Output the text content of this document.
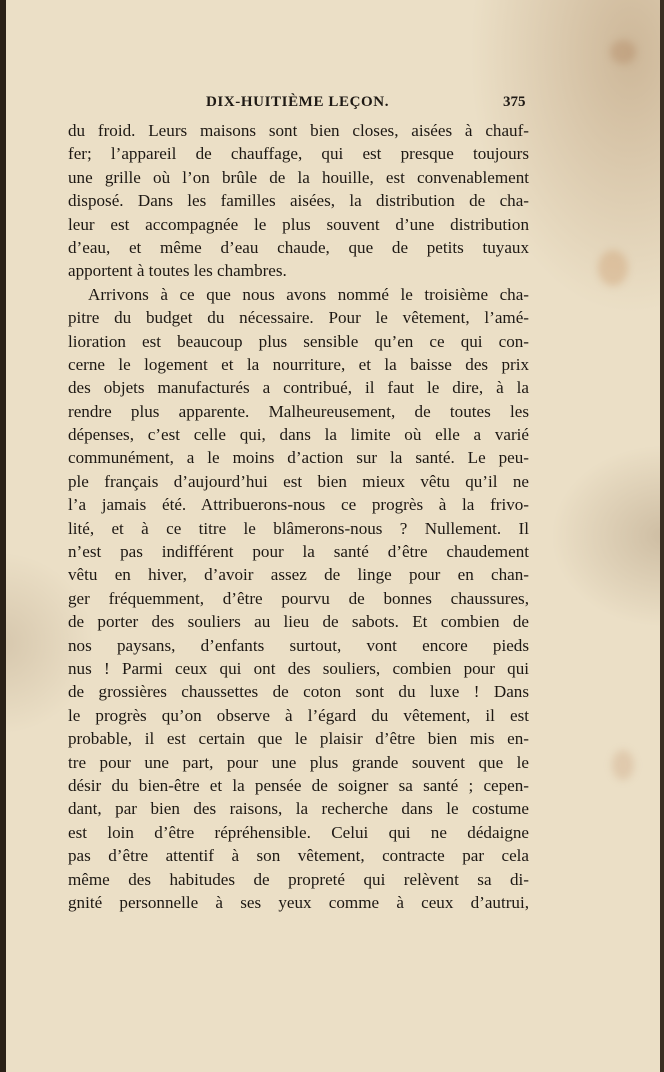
DIX-HUITIÈME LEÇON.	375
du froid. Leurs maisons sont bien closes, aisées à chauf-
fer; l’appareil de chauffage, qui est presque toujours
une grille où l’on brûle de la houille, est convenablement
disposé. Dans les familles aisées, la distribution de cha-
leur est accompagnée le plus souvent d’une distribution
d’eau, et même d’eau chaude, que de petits tuyaux
apportent à toutes les chambres.
Arrivons à ce que nous avons nommé le troisième cha-
pitre du budget du nécessaire. Pour le vêtement, l’amé-
lioration est beaucoup plus sensible qu’en ce qui con-
cerne le logement et la nourriture, et la baisse des prix
des objets manufacturés a contribué, il faut le dire, à la
rendre plus apparente. Malheureusement, de toutes les
dépenses, c’est celle qui, dans la limite où elle a varié
communément, a le moins d’action sur la santé. Le peu-
ple français d’aujourd’hui est bien mieux vêtu qu’il ne
l’a jamais été. Attribuerons-nous ce progrès à la frivo-
lité, et à ce titre le blâmerons-nous ? Nullement. Il
n’est pas indifférent pour la santé d’être chaudement
vêtu en hiver, d’avoir assez de linge pour en chan-
ger fréquemment, d’être pourvu de bonnes chaussures,
de porter des souliers au lieu de sabots. Et combien de
nos paysans, d’enfants surtout, vont encore pieds
nus ! Parmi ceux qui ont des souliers, combien pour qui
de grossières chaussettes de coton sont du luxe ! Dans
le progrès qu’on observe à l’égard du vêtement, il est
probable, il est certain que le plaisir d’être bien mis en-
tre pour une part, pour une plus grande souvent que le
désir du bien-être et la pensée de soigner sa santé ; cepen-
dant, par bien des raisons, la recherche dans le costume
est loin d’être répréhensible. Celui qui ne dédaigne
pas d’être attentif à son vêtement, contracte par cela
même des habitudes de propreté qui relèvent sa di-
gnité personnelle à ses yeux comme à ceux d’autrui,
